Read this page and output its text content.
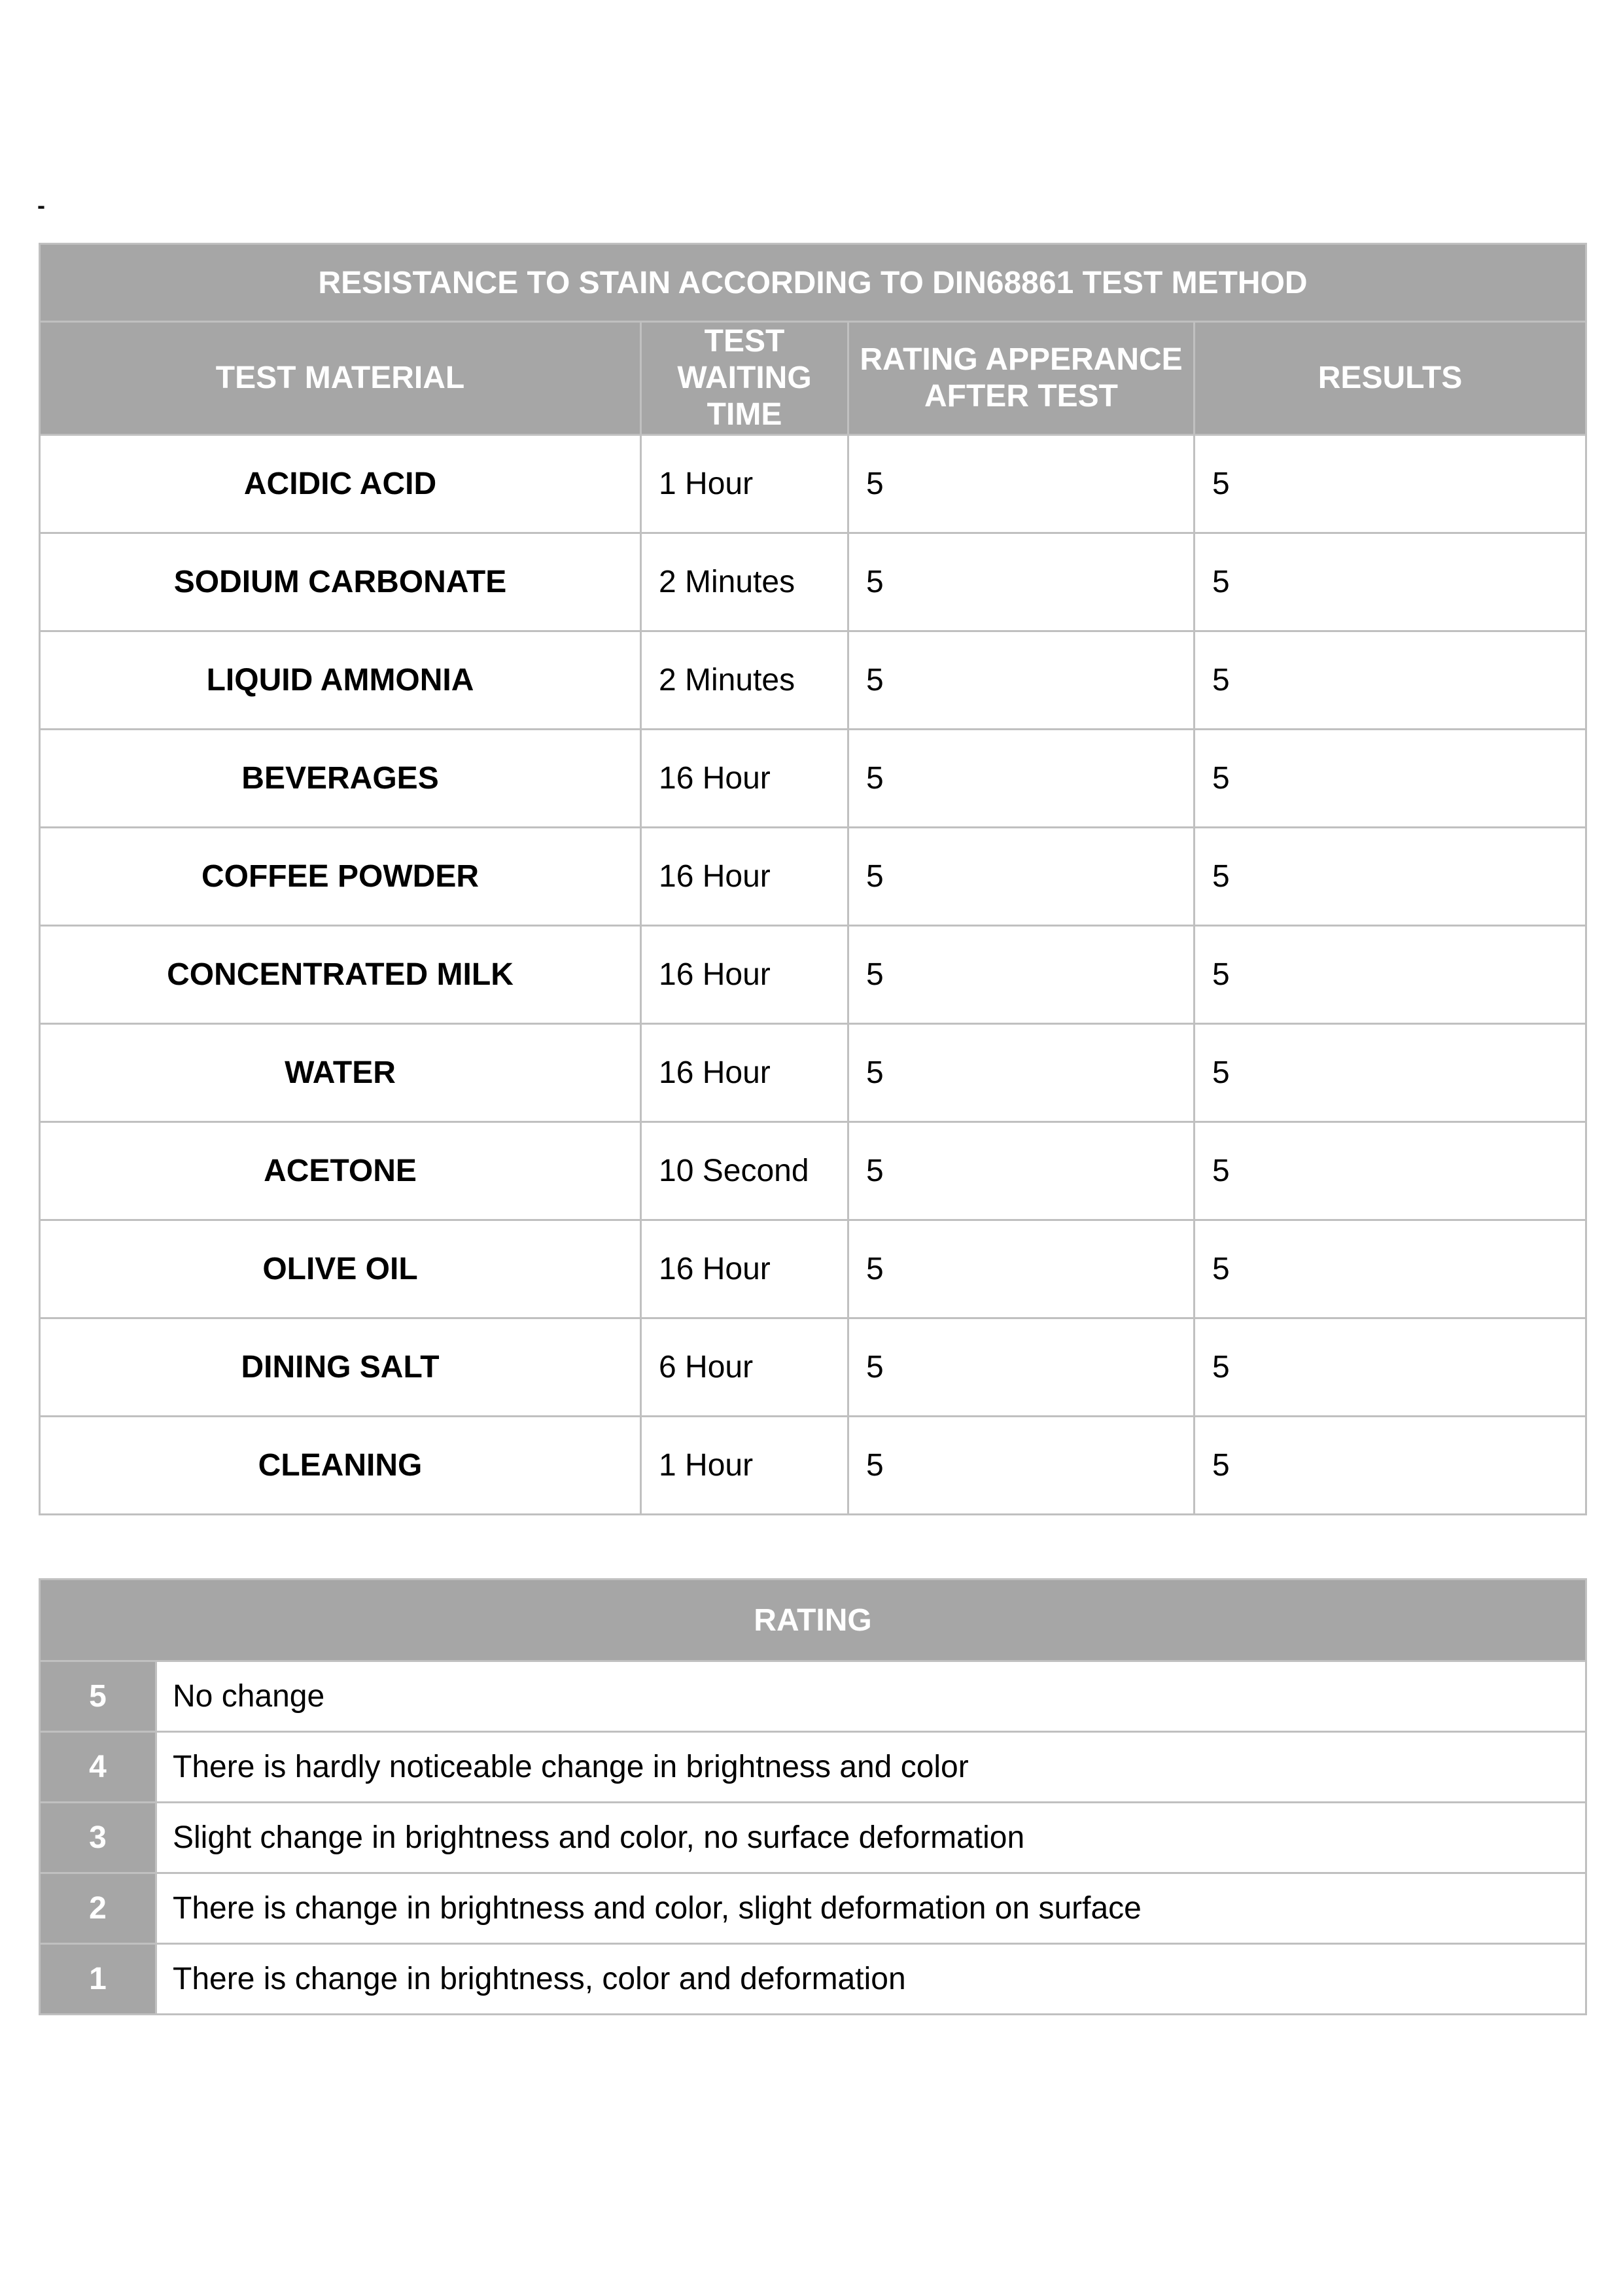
-
RESISTANCE TO STAIN ACCORDING TO DIN68861 TEST METHOD			
TEST MATERIAL	TEST WAITING TIME	RATING APPERANCE AFTER TEST	RESULTS
ACIDIC ACID	1 Hour	5	5
SODIUM CARBONATE	2 Minutes	5	5
LIQUID AMMONIA	2 Minutes	5	5
BEVERAGES	16 Hour	5	5
COFFEE POWDER	16 Hour	5	5
CONCENTRATED MILK	16 Hour	5	5
WATER	16 Hour	5	5
ACETONE	10 Second	5	5
OLIVE OIL	16 Hour	5	5
DINING SALT	6 Hour	5	5
CLEANING	1 Hour	5	5
RATING	
5	No change
4	There is hardly noticeable change in brightness and color
3	Slight change in brightness and color, no surface deformation
2	There is change in brightness and color, slight deformation on surface
1	There is change in brightness, color and deformation
